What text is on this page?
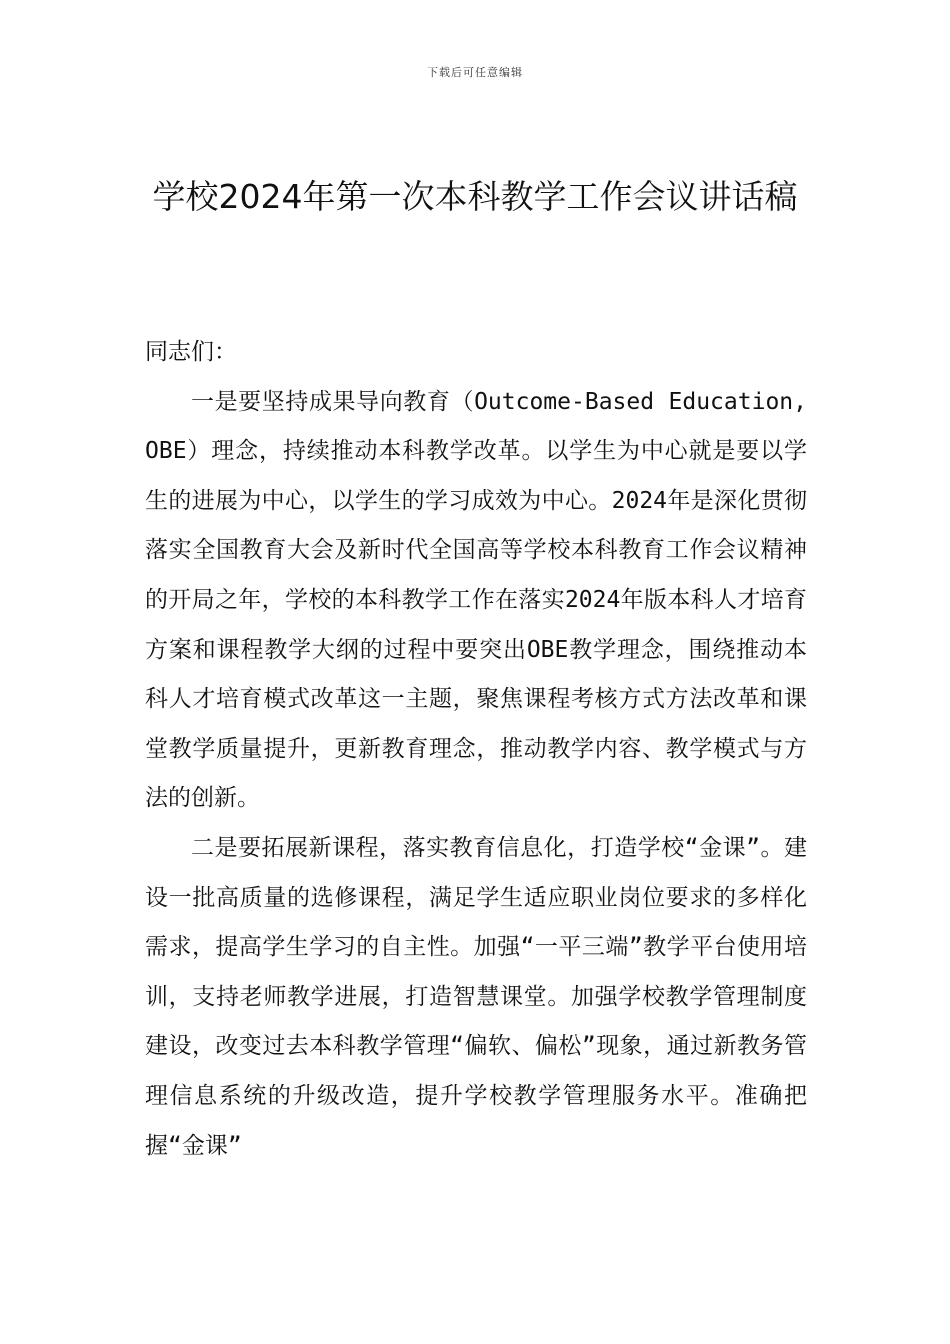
下载后可任意编辑
学校2024年第一次本科教学工作会议讲话稿

同志们：

一是要坚持成果导向教育（Outcome-Based Education, OBE）理念，持续推动本科教学改革。以学生为中心就是要以学生的进展为中心，以学生的学习成效为中心。2024年是深化贯彻落实全国教育大会及新时代全国高等学校本科教育工作会议精神的开局之年，学校的本科教学工作在落实2024年版本科人才培育方案和课程教学大纲的过程中要突出OBE教学理念，围绕推动本科人才培育模式改革这一主题，聚焦课程考核方式方法改革和课堂教学质量提升，更新教育理念，推动教学内容、教学模式与方法的创新。

二是要拓展新课程，落实教育信息化，打造学校“金课”。建设一批高质量的选修课程，满足学生适应职业岗位要求的多样化需求，提高学生学习的自主性。加强“一平三端”教学平台使用培训，支持老师教学进展，打造智慧课堂。加强学校教学管理制度建设，改变过去本科教学管理“偏软、偏松”现象，通过新教务管理信息系统的升级改造，提升学校教学管理服务水平。准确把握“金课”
